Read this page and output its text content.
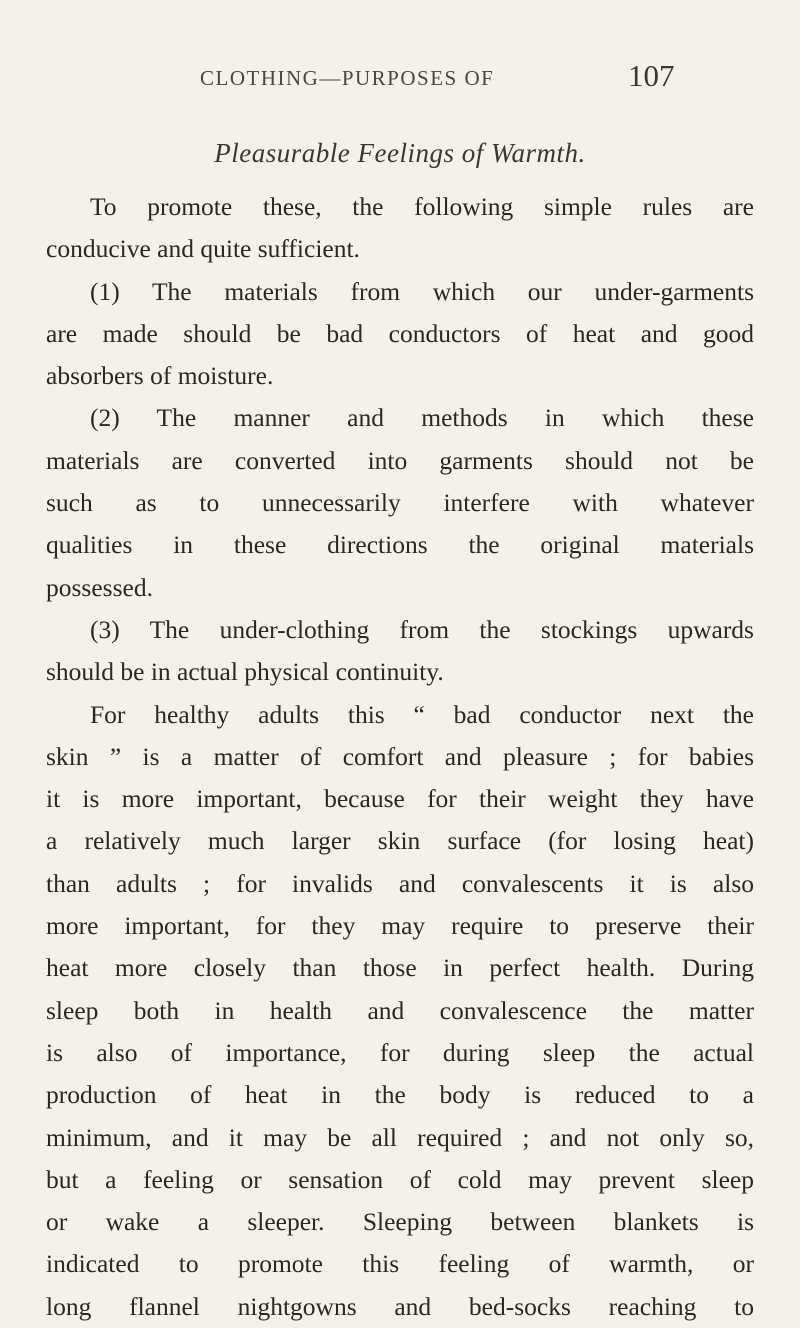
CLOTHING—PURPOSES OF	107
Pleasurable Feelings of Warmth.
To promote these, the following simple rules are
conducive and quite sufficient.
(1) The materials from which our under-garments
are made should be bad conductors of heat and good
absorbers of moisture.
(2) The manner and methods in which these
materials are converted into garments should not be
such as to unnecessarily interfere with whatever
qualities in these directions the original materials
possessed.
(3) The under-clothing from the stockings upwards
should be in actual physical continuity.
For healthy adults this “ bad conductor next the
skin ” is a matter of comfort and pleasure ; for babies
it is more important, because for their weight they have
a relatively much larger skin surface (for losing heat)
than adults ; for invalids and convalescents it is also
more important, for they may require to preserve their
heat more closely than those in perfect health. During
sleep both in health and convalescence the matter
is also of importance, for during sleep the actual
production of heat in the body is reduced to a
minimum, and it may be all required ; and not only so,
but a feeling or sensation of cold may prevent sleep
or wake a sleeper. Sleeping between blankets is
indicated to promote this feeling of warmth, or
long flannel nightgowns and bed-socks reaching to
